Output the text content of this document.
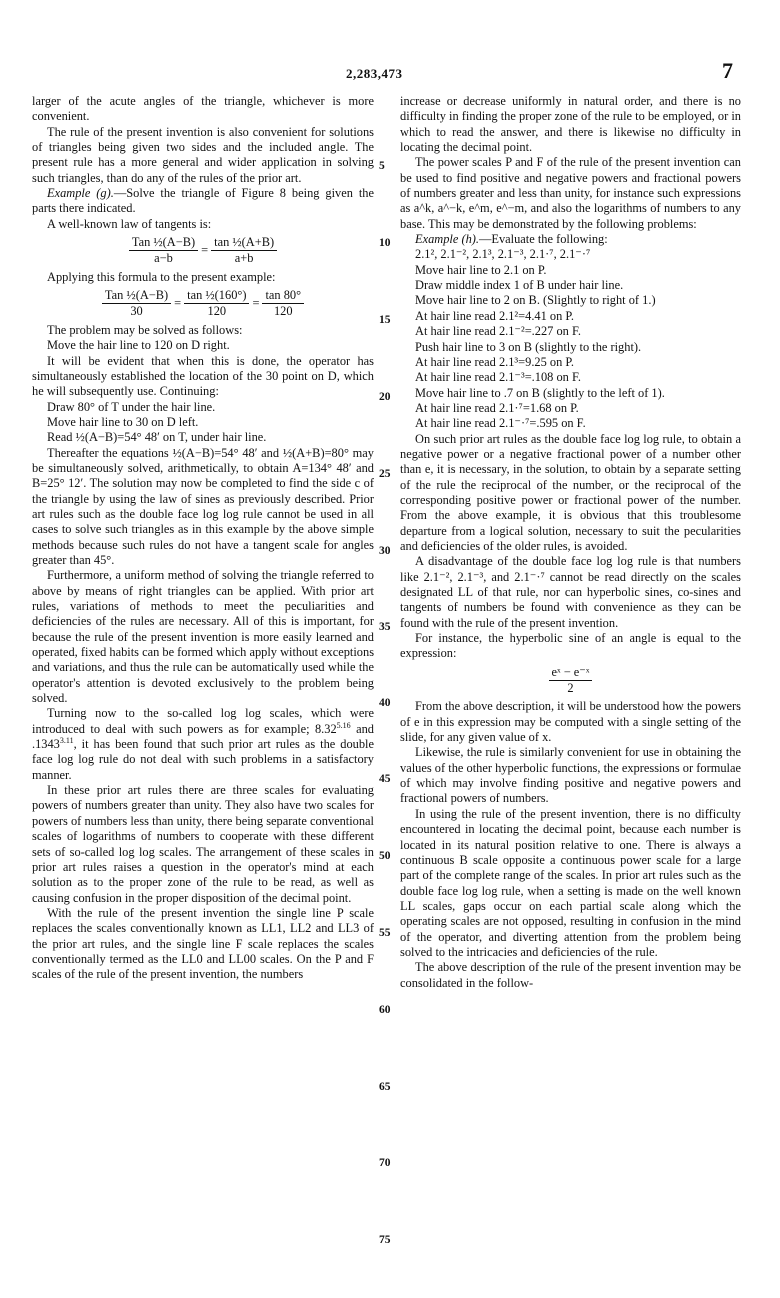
2,283,473	7
5
10
15
20
25
30
35
40
45
50
55
60
65
70
75

larger of the acute angles of the triangle, whichever is more convenient.

The rule of the present invention is also convenient for solutions of triangles being given two sides and the included angle. The present rule has a more general and wider application in solving such triangles, than do any of the rules of the prior art.

Example (g).—Solve the triangle of Figure 8 being given the parts there indicated.

A well-known law of tangents is:

$\frac{\text{Tan ½(A−B)}}{a-b} = \frac{\text{tan ½(A+B)}}{a+b}$

Applying this formula to the present example:

$\frac{\text{Tan ½(A−B)}}{30} = \frac{\text{tan ½(160°)}}{120} = \frac{\tan 80^\circ}{120}$

The problem may be solved as follows:

Move the hair line to 120 on D right.

It will be evident that when this is done, the operator has simultaneously established the location of the 30 point on D, which he will subsequently use. Continuing:

Draw 80° of T under the hair line.

Move hair line to 30 on D left.

Read ½(A−B)=54° 48′ on T, under hair line.

Thereafter the equations ½(A−B)=54° 48′ and ½(A+B)=80° may be simultaneously solved, arithmetically, to obtain A=134° 48′ and B=25° 12′. The solution may now be completed to find the side c of the triangle by using the law of sines as previously described. Prior art rules such as the double face log log rule cannot be used in all cases to solve such triangles as in this example by the above simple methods because such rules do not have a tangent scale for angles greater than 45°.

Furthermore, a uniform method of solving the triangle referred to above by means of right triangles can be applied. With prior art rules, variations of methods to meet the peculiarities and deficiencies of the rules are necessary. All of this is important, for because the rule of the present invention is more easily learned and operated, fixed habits can be formed which apply without exceptions and variations, and thus the rule can be automatically used while the operator's attention is devoted exclusively to the problem being solved.

Turning now to the so-called log log scales, which were introduced to deal with such powers as for example; $8.32^{5.16}$ and $.1343^{3.11}$, it has been found that such prior art rules as the double face log log rule do not deal with such problems in a satisfactory manner.

In these prior art rules there are three scales for evaluating powers of numbers greater than unity. They also have two scales for powers of numbers less than unity, there being separate conventional scales of logarithms of numbers to cooperate with these different sets of so-called log log scales. The arrangement of these scales in prior art rules raises a question in the operator's mind at each solution as to the proper zone of the rule to be read, as well as causing confusion in the proper disposition of the decimal point.

With the rule of the present invention the single line P scale replaces the scales conventionally known as LL1, LL2 and LL3 of the prior art rules, and the single line F scale replaces the scales conventionally termed as the LL0 and LL00 scales. On the P and F scales of the rule of the present invention, the numbers

increase or decrease uniformly in natural order, and there is no difficulty in finding the proper zone of the rule to be employed, or in which to read the answer, and there is likewise no difficulty in locating the decimal point.

The power scales P and F of the rule of the present invention can be used to find positive and negative powers and fractional powers of numbers greater and less than unity, for instance such expressions as a^k, a^−k, e^m, e^−m, and also the logarithms of numbers to any base. This may be demonstrated by the following problems:

Example (h).—Evaluate the following:

2.1², 2.1⁻², 2.1³, 2.1⁻³, 2.1·⁷, 2.1⁻·⁷

Move hair line to 2.1 on P.

Draw middle index 1 of B under hair line.

Move hair line to 2 on B. (Slightly to right of 1.)

At hair line read 2.1²=4.41 on P.

At hair line read 2.1⁻²=.227 on F.

Push hair line to 3 on B (slightly to the right).

At hair line read 2.1³=9.25 on P.

At hair line read 2.1⁻³=.108 on F.

Move hair line to .7 on B (slightly to the left of 1).

At hair line read 2.1·⁷=1.68 on P.

At hair line read 2.1⁻·⁷=.595 on F.

On such prior art rules as the double face log log rule, to obtain a negative power or a negative fractional power of a number other than e, it is necessary, in the solution, to obtain by a separate setting of the rule the reciprocal of the number, or the reciprocal of the corresponding positive power or fractional power of the number. From the above example, it is obvious that this troublesome departure from a logical solution, necessary to suit the pecularities and deficiencies of the older rules, is avoided.

A disadvantage of the double face log log rule is that numbers like 2.1⁻², 2.1⁻³, and 2.1⁻·⁷ cannot be read directly on the scales designated LL of that rule, nor can hyperbolic sines, co-sines and tangents of numbers be found with convenience as they can be found with the rule of the present invention.

For instance, the hyperbolic sine of an angle is equal to the expression:

$\frac{\text{eˣ − e⁻ˣ}}{2}$

From the above description, it will be understood how the powers of e in this expression may be computed with a single setting of the slide, for any given value of x.

Likewise, the rule is similarly convenient for use in obtaining the values of the other hyperbolic functions, the expressions or formulae of which may involve finding positive and negative powers and fractional powers of numbers.

In using the rule of the present invention, there is no difficulty encountered in locating the decimal point, because each number is located in its natural position relative to one. There is always a continuous B scale opposite a continuous power scale for a large part of the complete range of the scales. In prior art rules such as the double face log log rule, when a setting is made on the well known LL scales, gaps occur on each partial scale along which the operating scales are not opposed, resulting in confusion in the mind of the operator, and diverting attention from the problem being solved to the intricacies and deficiencies of the rule.

The above description of the rule of the present invention may be consolidated in the follow-
